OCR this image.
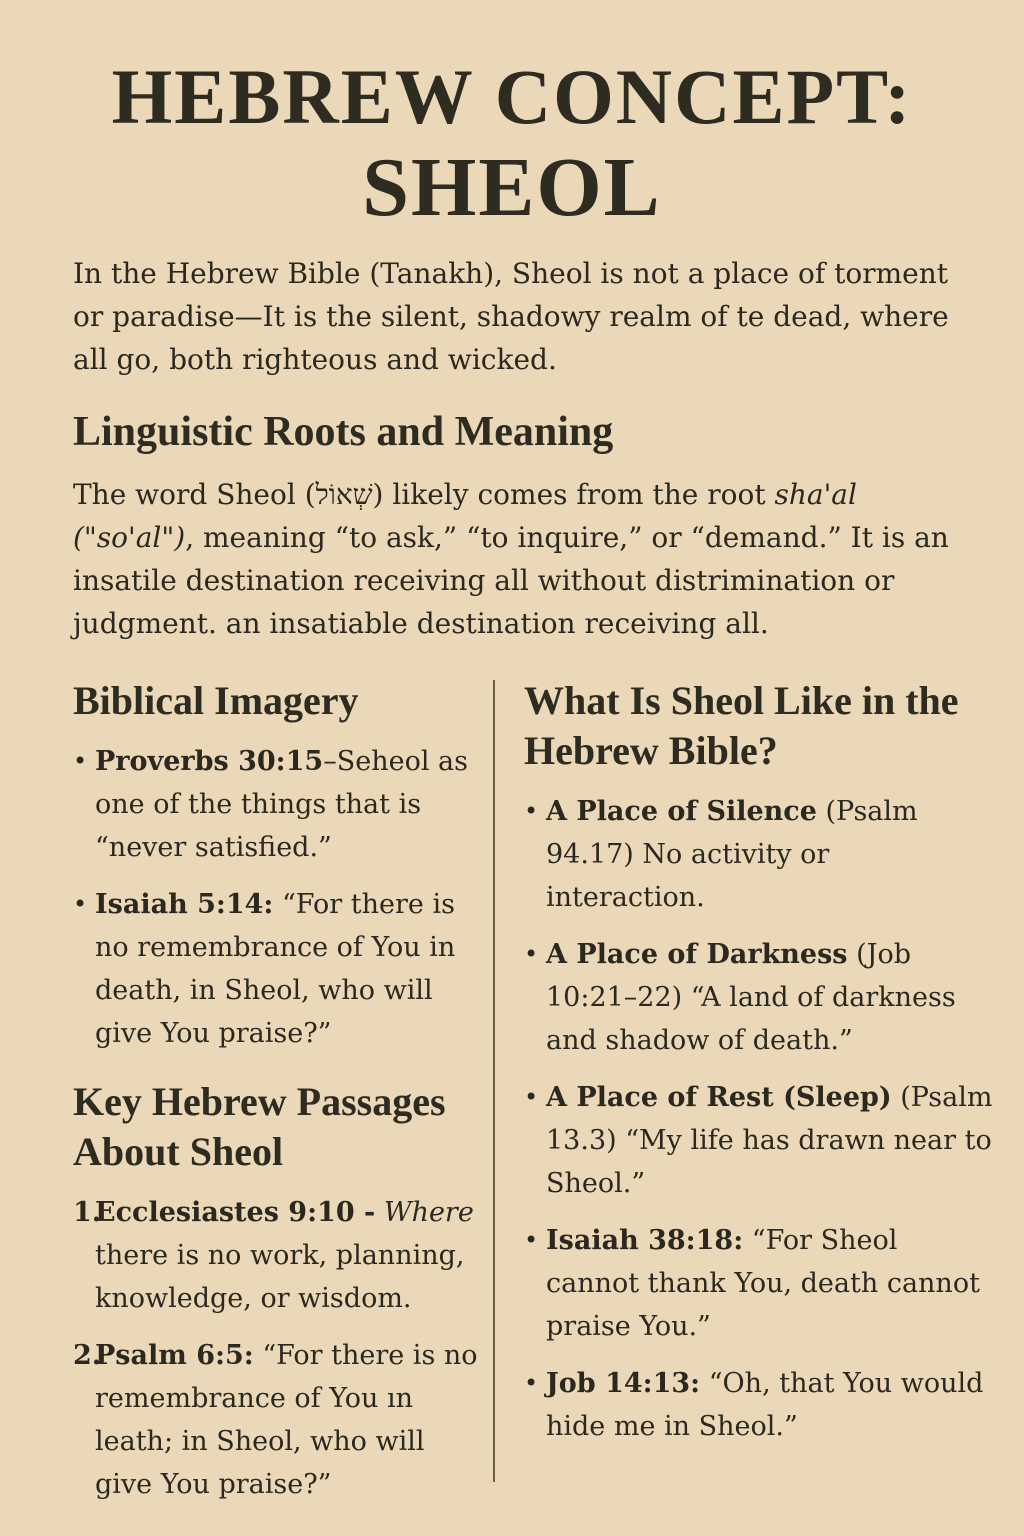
HEBREW CONCEPT:
SHEOL

In the Hebrew Bible (Tanakh), Sheol is not a place of torment or paradise—It is the silent, shadowy realm of te dead, where all go, both righteous and wicked.

Linguistic Roots and Meaning

The word Sheol (שְׁאוֹל) likely comes from the root sha'al ("so'al"), meaning “to ask,” “to inquire,” or “demand.” It is an insatile destination receiving all without distrimination or judgment. an insatiable destination receiving all.

Biblical Imagery
• Proverbs 30:15–Seheol as one of the things that is “never satisfied.”
• Isaiah 5:14: “For there is no remembrance of You in death, in Sheol, who will give You praise?”
Key Hebrew Passages About Sheol
1.
Ecclesiastes 9:10 - Where there is no work, planning, knowledge, or wisdom.
2.
Psalm 6:5: “For there is no remembrance of You ın leath; in Sheol, who will give You praise?”
What Is Sheol Like in the Hebrew Bible?
• A Place of Silence (Psalm 94.17) No activity or interaction.
• A Place of Darkness (Job 10:21–22) “A land of darkness and shadow of death.”
• A Place of Rest (Sleep) (Psalm 13.3) “My life has drawn near to Sheol.”
• Isaiah 38:18: “For Sheol cannot thank You, death cannot praise You.”
• Job 14:13: “Oh, that You would hide me in Sheol.”
